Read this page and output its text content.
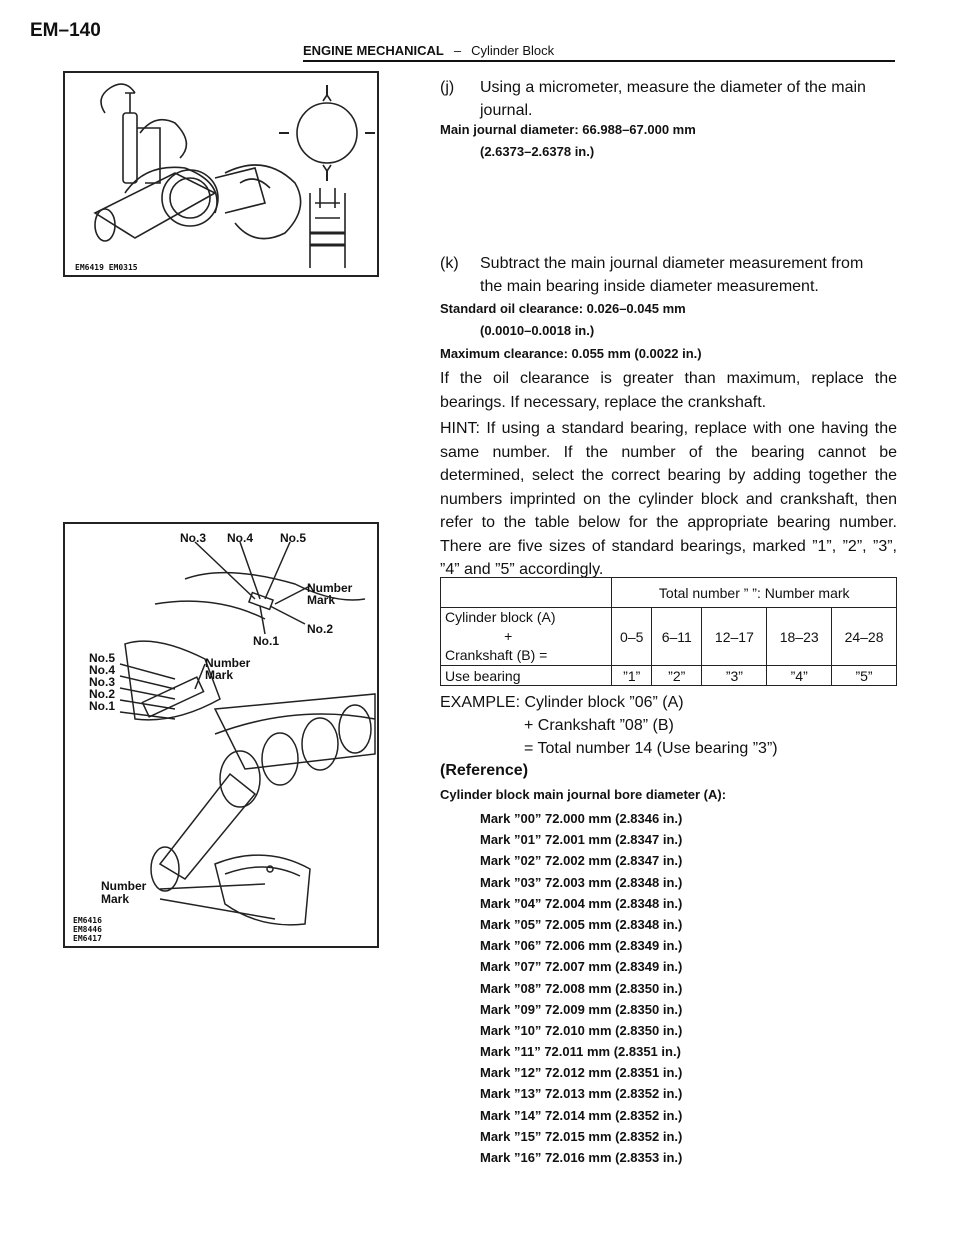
EM–140
ENGINE MECHANICAL – Cylinder Block
EM6419 EM0315
No.3 No.4 No.5
Number
Mark
No.2
No.1
No.5
No.4
No.3
No.2
No.1
Number
Mark
Number
Mark
EM6416
EM8446
EM6417
(j) Using a micrometer, measure the diameter of the main
journal.
Main journal diameter: 66.988–67.000 mm
(2.6373–2.6378 in.)
(k) Subtract the main journal diameter measurement from
the main bearing inside diameter measurement.
Standard oil clearance: 0.026–0.045 mm
(0.0010–0.0018 in.)
Maximum clearance: 0.055 mm (0.0022 in.)
If the oil clearance is greater than maximum, replace the bearings. If necessary, replace the crankshaft.
HINT: If using a standard bearing, replace with one having the same number. If the number of the bearing cannot be determined, select the correct bearing by adding together the numbers imprinted on the cylinder block and crankshaft, then refer to the table below for the appropriate bearing number. There are five sizes of standard bearings, marked ”1”, ”2”, ”3”, ”4” and ”5” accordingly.
	Total number ” ”: Number mark				

Cylinder block (A)
+
Crankshaft (B) =	0–5	6–11	12–17	18–23	24–28
Use bearing	”1”	”2”	”3”	”4”	”5”
EXAMPLE: Cylinder block ”06” (A)
+ Crankshaft ”08” (B)
= Total number 14 (Use bearing ”3”)
(Reference)
Cylinder block main journal bore diameter (A):
Mark ”00” 72.000 mm (2.8346 in.)
Mark ”01” 72.001 mm (2.8347 in.)
Mark ”02” 72.002 mm (2.8347 in.)
Mark ”03” 72.003 mm (2.8348 in.)
Mark ”04” 72.004 mm (2.8348 in.)
Mark ”05” 72.005 mm (2.8348 in.)
Mark ”06” 72.006 mm (2.8349 in.)
Mark ”07” 72.007 mm (2.8349 in.)
Mark ”08” 72.008 mm (2.8350 in.)
Mark ”09” 72.009 mm (2.8350 in.)
Mark ”10” 72.010 mm (2.8350 in.)
Mark ”11” 72.011 mm (2.8351 in.)
Mark ”12” 72.012 mm (2.8351 in.)
Mark ”13” 72.013 mm (2.8352 in.)
Mark ”14” 72.014 mm (2.8352 in.)
Mark ”15” 72.015 mm (2.8352 in.)
Mark ”16” 72.016 mm (2.8353 in.)
